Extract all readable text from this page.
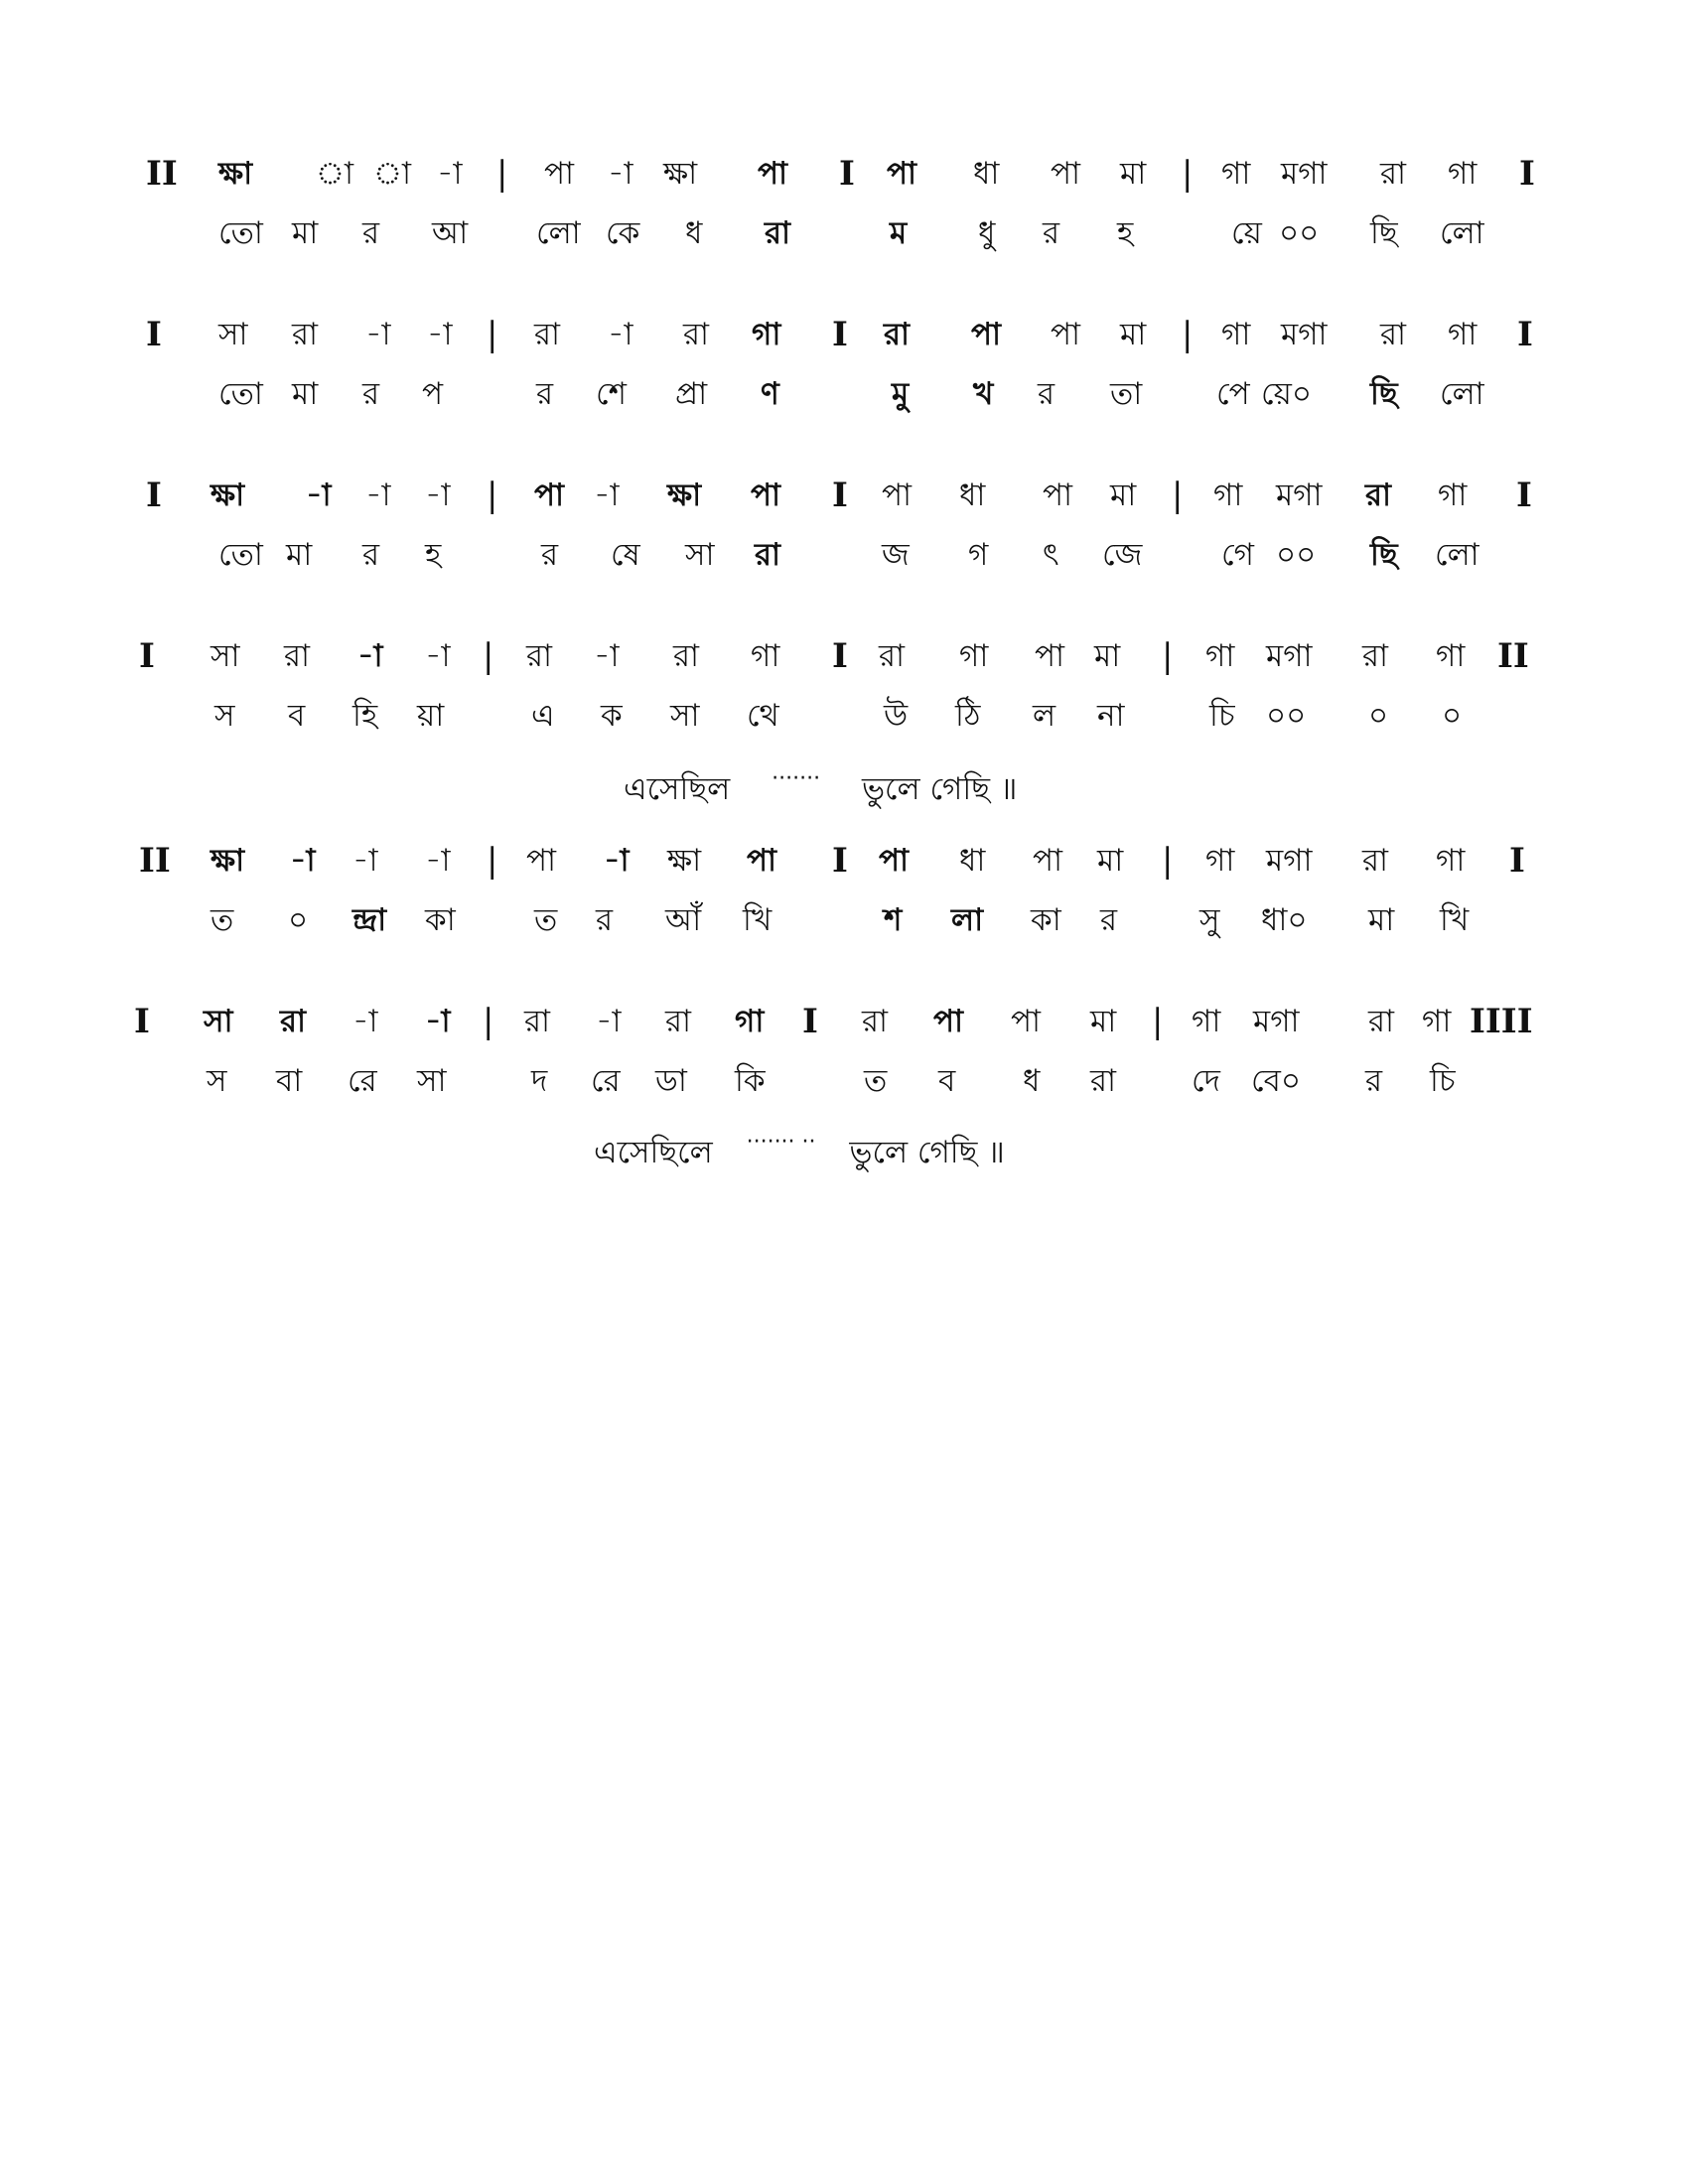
II ক্ষা া া -া | পা -া ক্ষা পা I পা ধা পা মা | গা মগা রা গা I
তো মা র আ লো কে ধ রা	ম ধু র হ	য়ে ০০ ছি লো
I সা রা -া -া | রা -া রা গা I রা পা পা মা | গা মগা রা গা I
তো মা র প	র শে প্রা ণ	মু খ র তা পে য়ে০ ছি লো
I ক্ষা -া -া -া | পা -া ক্ষা পা I পা ধা পা মা | গা মগা রা গা I
তো মা র হ	র ষে সা রা	জ গ ৎ জে	গে ০০ ছি লো
I সা রা -া -া | রা -া রা গা I রা গা পা মা | গা মগা রা গা II
স ব হি য়া	এ ক সা থে	উ ঠি ল না	চি ০০ ০ ০
এসেছিল ······· ভুলে গেছি ॥
II ক্ষা -া -া -া | পা -া ক্ষা পা I পা ধা পা মা | গা মগা রা গা I
ত ০ ন্দ্রা কা	ত র আঁ খি	শ লা কা র	সু ধা০ মা খি
I সা রা -া -া | রা -া রা গা I রা পা পা মা | গা মগা রা গা IIII
স বা রে সা	দ রে ডা কি	ত ব ধ রা দে বে০ র চি
এসেছিলে ······· ·· ভুলে গেছি ॥
